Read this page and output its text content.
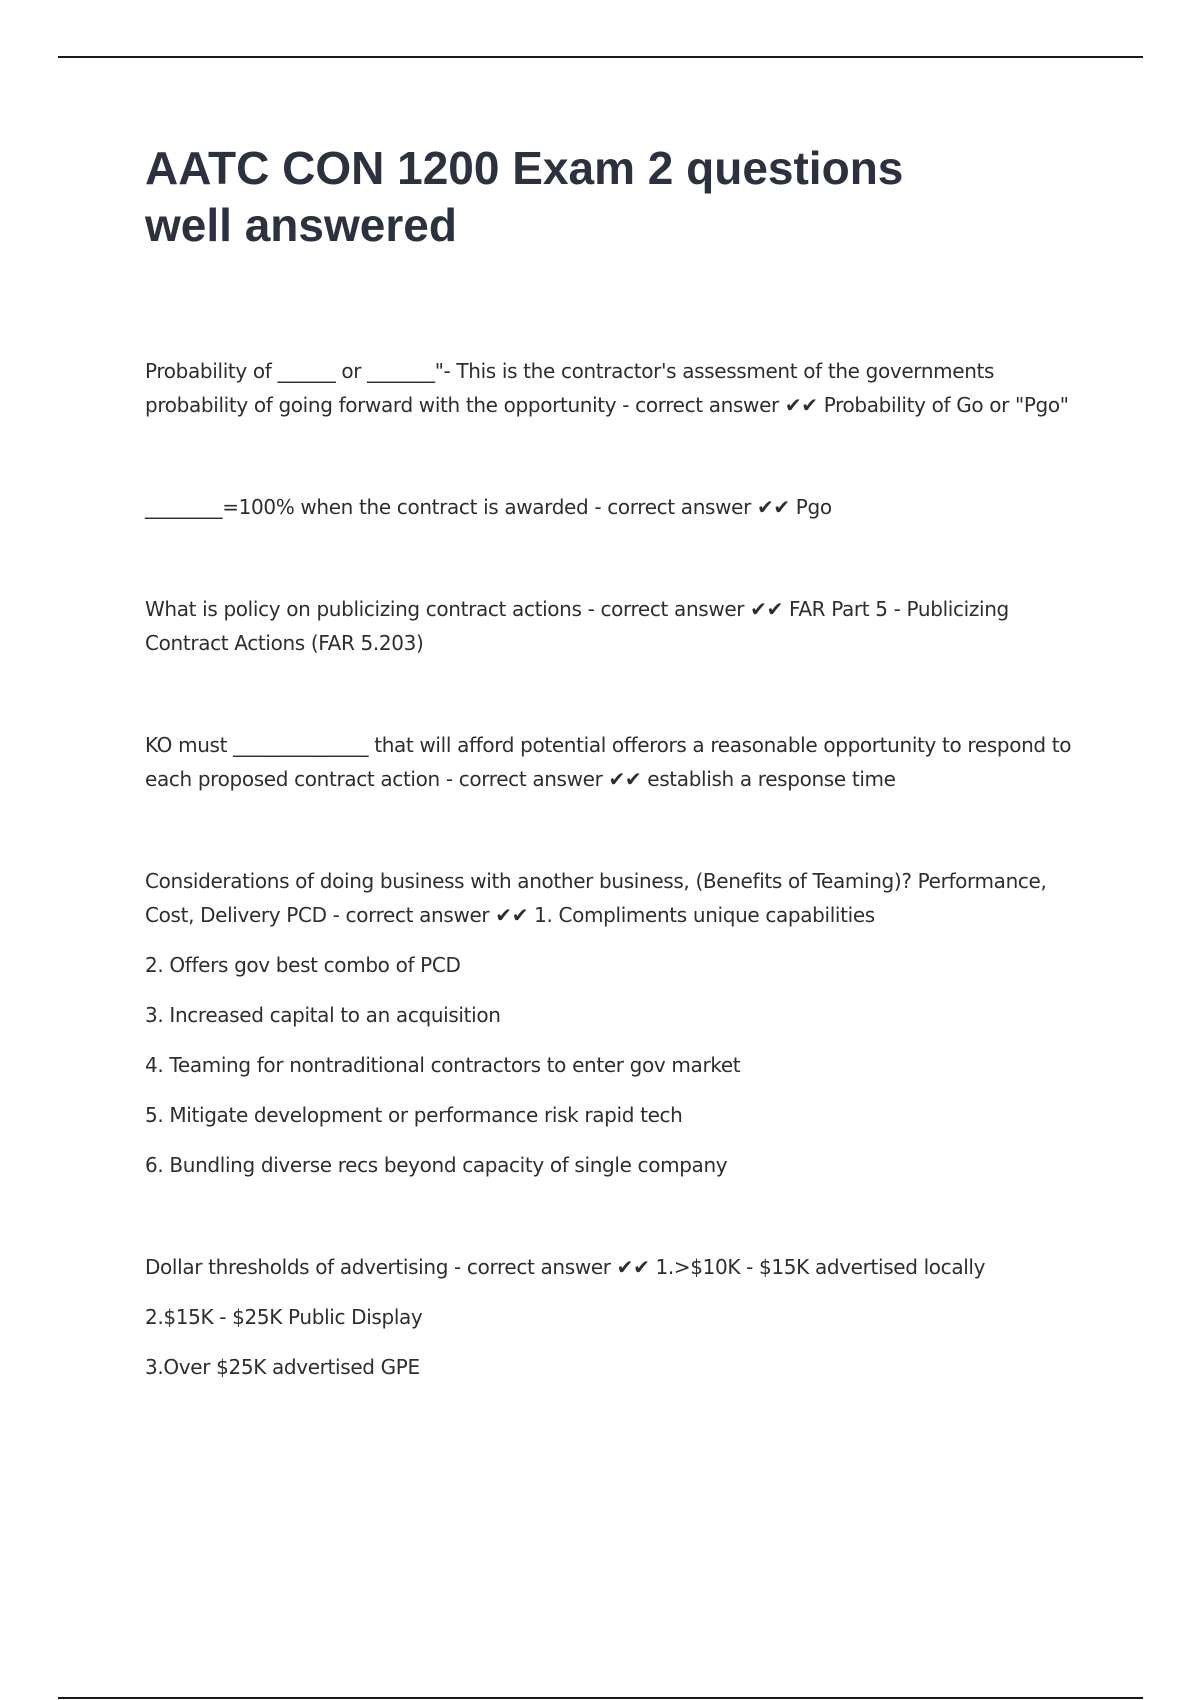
AATC CON 1200 Exam 2 questions
well answered

Probability of ______ or _______"- This is the contractor's assessment of the governments probability of going forward with the opportunity - correct answer ✔✔ Probability of Go or "Pgo"

________=100% when the contract is awarded - correct answer ✔✔ Pgo

What is policy on publicizing contract actions - correct answer ✔✔ FAR Part 5 - Publicizing Contract Actions (FAR 5.203)

KO must ______________ that will afford potential offerors a reasonable opportunity to respond to each proposed contract action - correct answer ✔✔ establish a response time

Considerations of doing business with another business, (Benefits of Teaming)? Performance, Cost, Delivery PCD - correct answer ✔✔ 1. Compliments unique capabilities

2. Offers gov best combo of PCD

3. Increased capital to an acquisition

4. Teaming for nontraditional contractors to enter gov market

5. Mitigate development or performance risk rapid tech

6. Bundling diverse recs beyond capacity of single company

Dollar thresholds of advertising - correct answer ✔✔ 1.>$10K - $15K advertised locally

2.$15K - $25K Public Display

3.Over $25K advertised GPE
